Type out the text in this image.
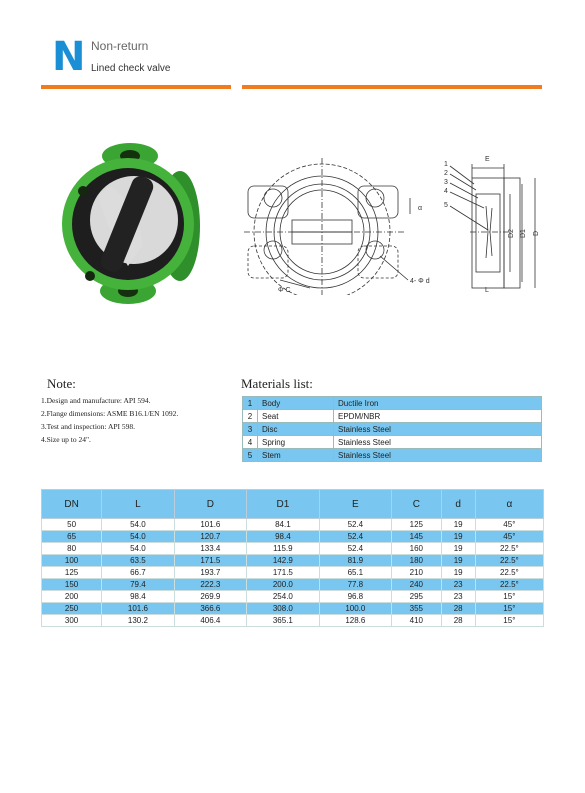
N Non-return
Lined check valve
Φ C
4- Φ d
α
1
2
3
4
5
E
L
D2 D1 D
Note:
1.Design and manufacture: API 594.
2.Flange dimensions: ASME B16.1/EN 1092.
3.Test and inspection: API 598.
4.Size up to 24".
Materials list:
1	Body	Ductile Iron
2	Seat	EPDM/NBR
3	Disc	Stainless Steel
4	Spring	Stainless Steel
5	Stem	Stainless Steel
DN	L	D	D1	E	C	d	α
50	54.0	101.6	84.1	52.4	125	19	45°
65	54.0	120.7	98.4	52.4	145	19	45°
80	54.0	133.4	115.9	52.4	160	19	22.5°
100	63.5	171.5	142.9	81.9	180	19	22.5°
125	66.7	193.7	171.5	65.1	210	19	22.5°
150	79.4	222.3	200.0	77.8	240	23	22.5°
200	98.4	269.9	254.0	96.8	295	23	15°
250	101.6	366.6	308.0	100.0	355	28	15°
300	130.2	406.4	365.1	128.6	410	28	15°
